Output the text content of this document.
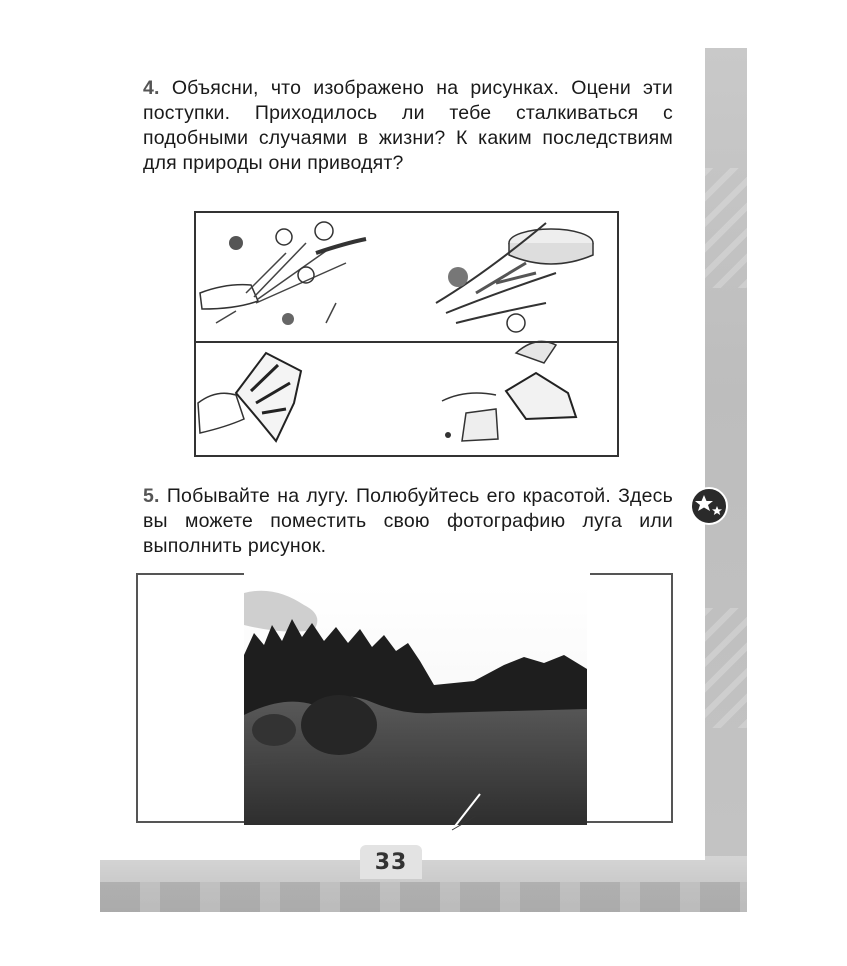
4. Объясни, что изображено на рисунках. Оцени эти поступки. Приходилось ли тебе сталкиваться с подобными случаями в жизни? К каким последствиям для природы они приводят?
5. Побывайте на лугу. Полюбуйтесь его красотой. Здесь вы можете поместить свою фотографию луга или выполнить рисунок.
33
